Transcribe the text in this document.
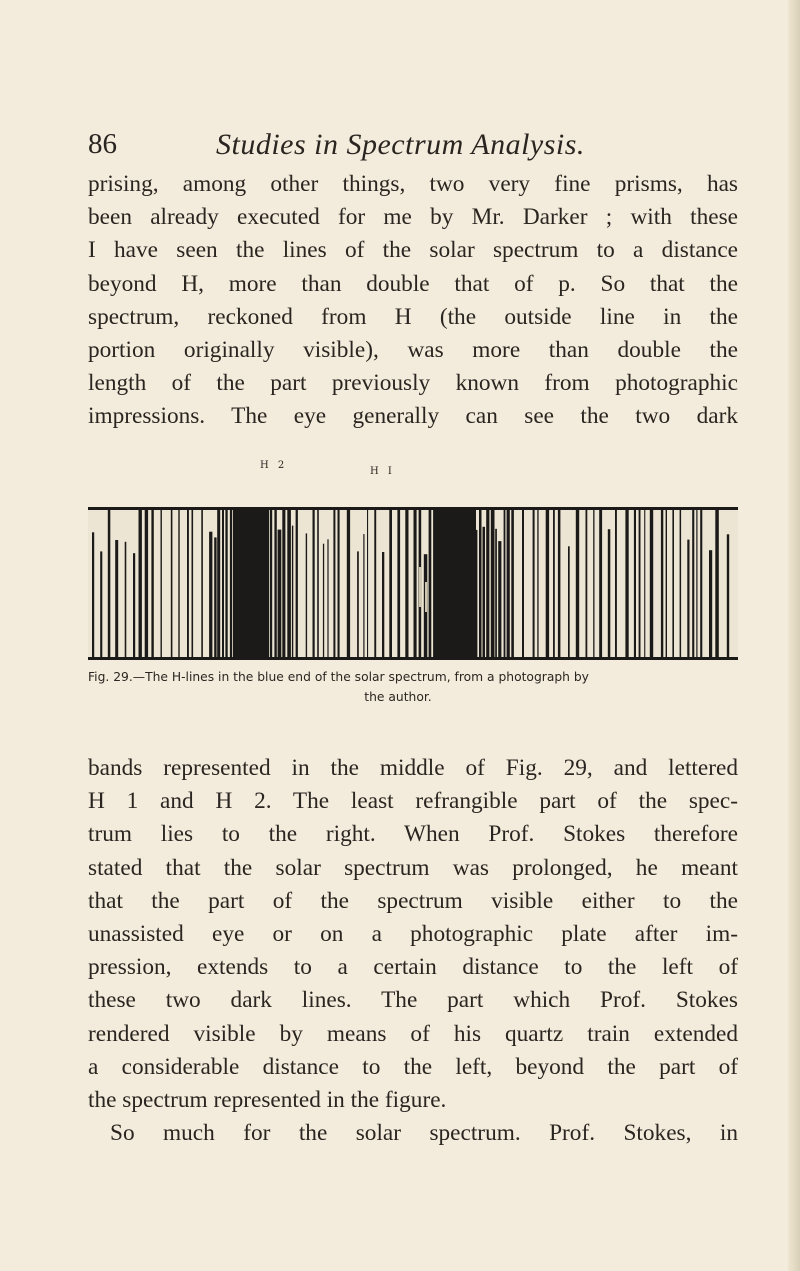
86	Studies in Spectrum Analysis.
prising, among other things, two very fine prisms, has
been already executed for me by Mr. Darker ; with these
I have seen the lines of the solar spectrum to a distance
beyond H, more than double that of p. So that the
spectrum, reckoned from H (the outside line in the
portion originally visible), was more than double the
length of the part previously known from photographic
impressions. The eye generally can see the two dark
H 2
H I
Fig. 29.—The H-lines in the blue end of the solar spectrum, from a photograph by
the author.
bands represented in the middle of Fig. 29, and lettered
H 1 and H 2. The least refrangible part of the spec-
trum lies to the right. When Prof. Stokes therefore
stated that the solar spectrum was prolonged, he meant
that the part of the spectrum visible either to the
unassisted eye or on a photographic plate after im-
pression, extends to a certain distance to the left of
these two dark lines. The part which Prof. Stokes
rendered visible by means of his quartz train extended
a considerable distance to the left, beyond the part of
the spectrum represented in the figure.
So much for the solar spectrum. Prof. Stokes, in
